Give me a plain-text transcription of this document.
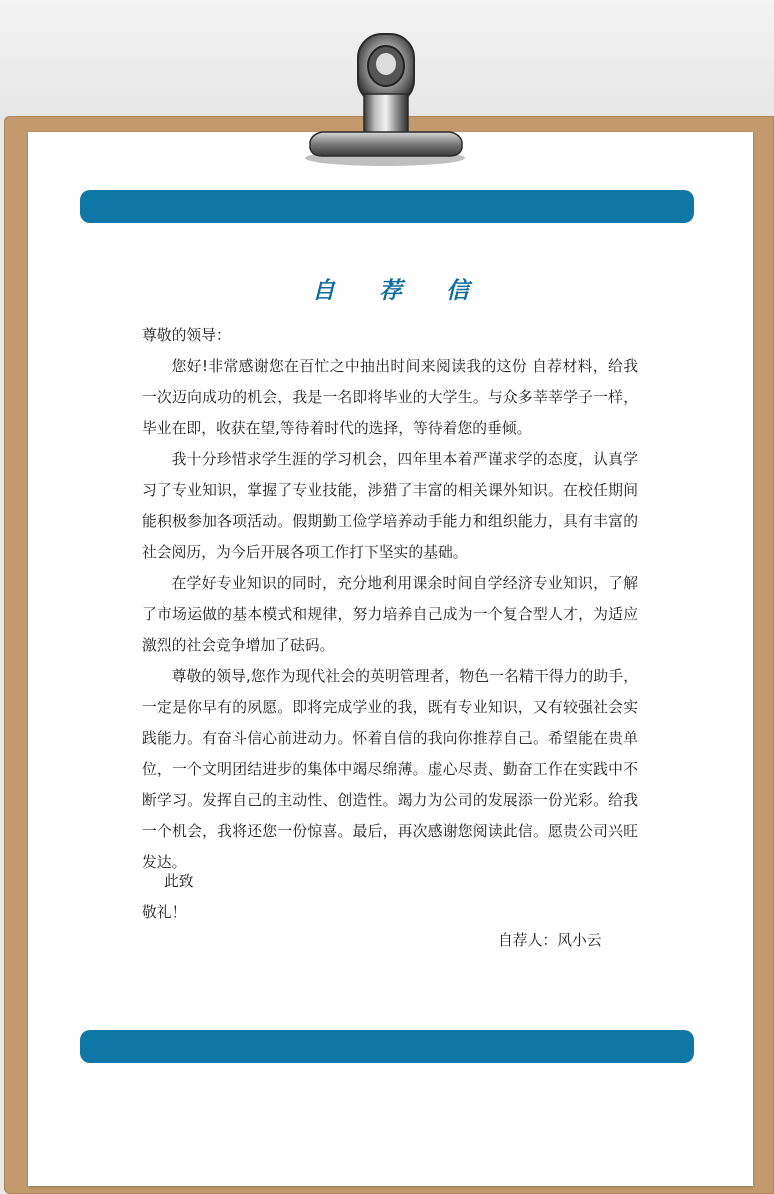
自 荐 信

尊敬的领导：

您好!非常感谢您在百忙之中抽出时间来阅读我的这份 自荐材料，给我一次迈向成功的机会，我是一名即将毕业的大学生。与众多莘莘学子一样，毕业在即，收获在望,等待着时代的选择，等待着您的垂倾。

我十分珍惜求学生涯的学习机会，四年里本着严谨求学的态度，认真学习了专业知识，掌握了专业技能，涉猎了丰富的相关课外知识。在校任期间能积极参加各项活动。假期勤工俭学培养动手能力和组织能力，具有丰富的社会阅历，为今后开展各项工作打下坚实的基础。

在学好专业知识的同时，充分地利用课余时间自学经济专业知识，了解了市场运做的基本模式和规律，努力培养自己成为一个复合型人才，为适应激烈的社会竞争增加了砝码。

尊敬的领导,您作为现代社会的英明管理者，物色一名精干得力的助手，一定是你早有的夙愿。即将完成学业的我，既有专业知识，又有较强社会实践能力。有奋斗信心前进动力。怀着自信的我向你推荐自己。希望能在贵单位，一个文明团结进步的集体中竭尽绵薄。虚心尽责、勤奋工作在实践中不断学习。发挥自己的主动性、创造性。竭力为公司的发展添一份光彩。给我一个机会，我将还您一份惊喜。最后，再次感谢您阅读此信。愿贵公司兴旺发达。

此致
敬礼！
自荐人：风小云
